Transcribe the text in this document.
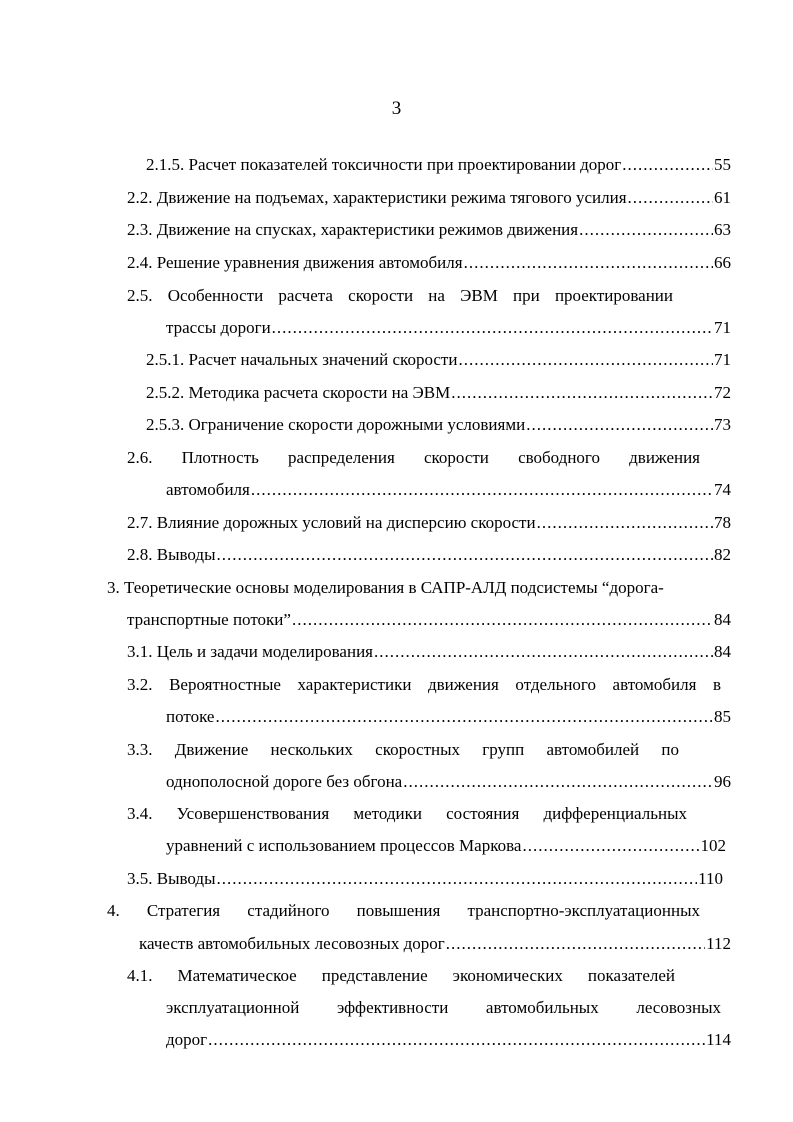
3
2.1.5. Расчет показателей токсичности при проектировании дорог .....	55
2.2. Движение на подъемах, характеристики режима тягового усилия .....	61
2.3. Движение на спусках, характеристики режимов движения .....	63
2.4. Решение уравнения движения автомобиля .....	66
2.5. Особенности расчета скорости на ЭВМ при проектировании
трассы дороги .....	71
2.5.1. Расчет начальных значений скорости .....	71
2.5.2. Методика расчета скорости на ЭВМ .....	72
2.5.3. Ограничение скорости дорожными условиями .....	73
2.6. Плотность распределения скорости свободного движения
автомобиля .....	74
2.7. Влияние дорожных условий на дисперсию скорости .....	78
2.8. Выводы .....	82
3. Теоретические основы моделирования в САПР-АЛД подсистемы “дорога-
транспортные потоки” .....	84
3.1. Цель и задачи моделирования .....	84
3.2. Вероятностные характеристики движения отдельного автомобиля в
потоке .....	85
3.3. Движение нескольких скоростных групп автомобилей по
однополосной дороге без обгона .....	96
3.4. Усовершенствования методики состояния дифференциальных
уравнений с использованием процессов Маркова .....	102
3.5. Выводы .....	110
4. Стратегия стадийного повышения транспортно-эксплуатационных
качеств автомобильных лесовозных дорог .....	112
4.1. Математическое представление экономических показателей
эксплуатационной эффективности автомобильных лесовозных
дорог .....	114
